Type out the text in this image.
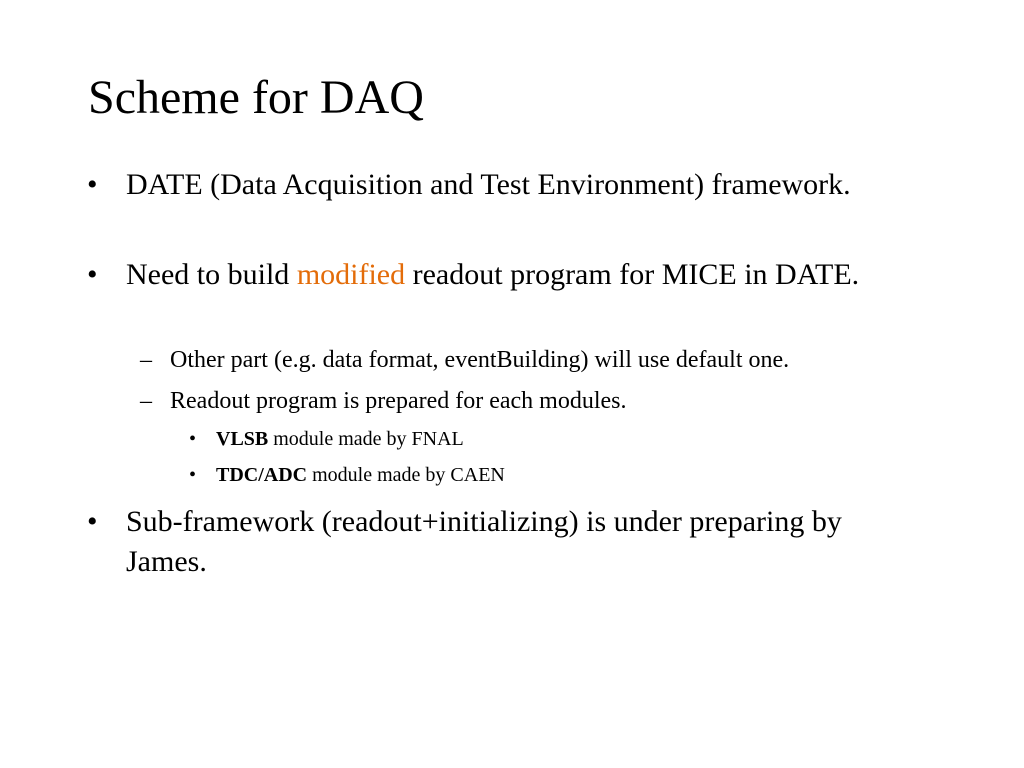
Scheme for DAQ
• DATE (Data Acquisition and Test Environment) framework.
• Need to build modified readout program for MICE in DATE.
– Other part (e.g. data format, eventBuilding) will use default one.
– Readout program is prepared for each modules.
• VLSB module made by FNAL
• TDC/ADC module made by CAEN
• Sub-framework (readout+initializing) is under preparing by James.
